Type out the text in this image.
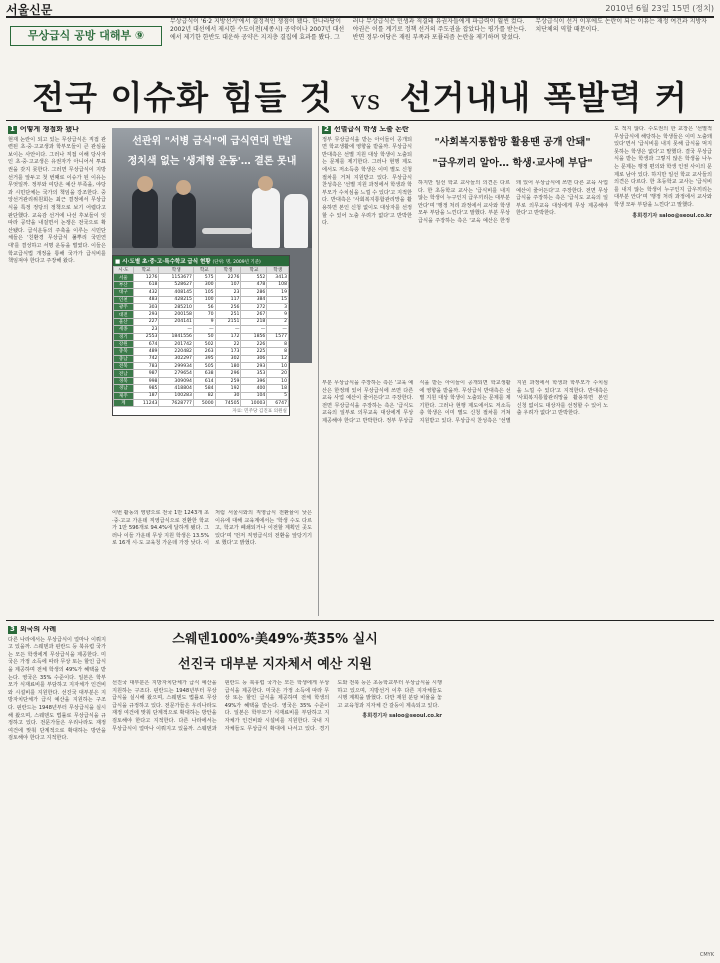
서울신문	2010년 6월 23일 15면 (정치)
무상급식 공방 대해부 ⑨
무상급식이 '6·2 지방선거'에서 결정적인 쟁점이 됐다. 한나라당이 2002년 대선에서 제시한 수도이전(세종시) 공약이나 2007년 대선에서 제기한 한반도 대운하 공약은 지지층 결집에 효과를 봤다. 그러나 무상급식은 민생과 직결돼 유권자들에게 파급력이 훨씬 컸다. 야권은 이를 계기로 정책 선거의 주도권을 잡았다는 평가를 받는다. 반면 정부·여당은 재원 부족과 포퓰리즘 논란을 제기하며 맞섰다. 무상급식이 선거 이후에도 논란이 되는 이유는 재정 여건과 지방자치단체의 역할 때문이다.
전국 이슈화 힘들 것 vs 선거내내 폭발력 커
1 어떻게 쟁점화 됐나
현재 논란이 되고 있는 무상급식은 직접 관련된 초·중·고교생과 학부모들이 큰 관심을 보이는 사안이다. 그러나 직접 이해 당사자인 초·중·고교생은 유권자가 아니어서 투표권을 갖지 못한다. 그러면 무상급식이 지방선거를 앞두고 첫 번째로 이슈가 된 이유는 무엇일까. 정부와 여당은 예산 부족을, 야당과 시민단체는 국가의 책임을 강조한다. 중앙선거관리위원회는 최근 결정에서 무상급식을 특정 정당의 정책으로 보기 어렵다고 판단했다. 교육감 선거에 나선 후보들이 잇따라 공약을 내걸면서 논쟁은 전국으로 확산됐다. 급식운동의 주축을 이루는 시민단체들은 '친환경 무상급식 풀뿌리 국민연대'를 결성하고 서명 운동을 벌였다. 이들은 학교급식법 개정을 통해 국가가 급식비를 책임져야 한다고 주장해 왔다.
선관위 "서병 금식"에 급식연대 반발
정치색 없는 '생계형 운동'… 결론 못내
■ 시·도별 초·중·고·특수학교 급식 현황 (단위: 명, 2009년 기준)
시·도	학교	학생	학교	학생	학교	학생
서울	1276	1153677	575	2276	552	3413
부산	618	528627	300	107	478	108
대구	432	408145	105	23	286	19
인천	483	428215	100	117	384	15
광주	303	285210	56	256	272	3
대전	293	200158	70	251	267	9
울산	227	204141	9	2151	218	2
세종	23	—	—	—	—	—
경기	2553	1841556	50	172	1856	1577
강원	674	201742	502	22	226	8
충북	489	220482	263	173	225	8
충남	742	302297	395	302	306	12
전북	783	299934	505	180	293	10
전남	987	279654	638	296	353	20
경북	998	309094	614	259	396	10
경남	985	418804	584	192	400	18
제주	187	100283	82	30	104	5
계	11243	7628777	5000	74505	10003	6747
자료: 민주당 김진표 의원실
이번 활동의 영향으로 전국 1만 1243개 초·중·고교 가운데 직영급식으로 전환한 학교가 1만 596개로 94.4%에 달하게 됐다. 그러나 이들 가운데 무상 지원 학생은 13.5%로 16개 시·도 교육청 가운데 가장 낮다. 이처럼 서울시와의 직영급식 전환율이 낮은 이유에 대해 교육계에서는 '학생 수도 다르고, 학교가 폐쇄되거나 이전할 계획인 곳도 있다'며 '먼저 직영급식의 전환을 앞당기기로 했다'고 밝혔다.
2 선별급식 학생 노출 논란
정부 무상급식을 받는 아이들이 공개되면 학교생활에 영향을 받을까. 무상급식 반대측은 선별 지원 대상 학생이 노출되는 문제를 제기한다. 그러나 현행 제도에서도 저소득층 학생은 이미 별도 신청 절차를 거쳐 지원받고 있다. 무상급식 찬성측은 '선별 지원 과정에서 학생과 학부모가 수치심을 느낄 수 있다'고 지적한다. 반대측은 '사회복지통합관리망을 활용하면 본인 신청 없이도 대상자를 선정할 수 있어 노출 우려가 없다'고 반박한다.
"사회복지통합망 활용땐 공개 안돼"
"급우끼리 알아… 학생·교사에 부담"
하지만 일선 학교 교사들의 의견은 다르다. 한 초등학교 교사는 '급식비를 내지 않는 학생이 누구인지 급우끼리는 대부분 안다'며 '행정 처리 과정에서 교사와 학생 모두 부담을 느낀다'고 말했다. 부분 무상급식을 주장하는 측은 '교육 예산은 한정돼 있어 무상급식에 쓰면 다른 교육 사업 예산이 줄어든다'고 주장한다. 전면 무상급식을 주장하는 측은 '급식도 교육의 일부로 의무교육 대상에게 무상 제공해야 한다'고 반박한다.
부분 무상급식을 주장하는 측은 '교육 예산은 한정돼 있어 무상급식에 쓰면 다른 교육 사업 예산이 줄어든다'고 주장한다. 전면 무상급식을 주장하는 측은 '급식도 교육의 일부로 의무교육 대상에게 무상 제공해야 한다'고 반박한다. 정부 무상급식을 받는 아이들이 공개되면 학교생활에 영향을 받을까. 무상급식 반대측은 선별 지원 대상 학생이 노출되는 문제를 제기한다. 그러나 현행 제도에서도 저소득층 학생은 이미 별도 신청 절차를 거쳐 지원받고 있다. 무상급식 찬성측은 '선별 지원 과정에서 학생과 학부모가 수치심을 느낄 수 있다'고 지적한다. 반대측은 '사회복지통합관리망을 활용하면 본인 신청 없이도 대상자를 선정할 수 있어 노출 우려가 없다'고 반박한다.
도 적지 않다. 수도권의 한 교장은 '선별적 무상급식에 해당하는 학생들은 이미 노출돼 있다'면서 '급식비를 내지 못해 급식을 먹지 못하는 학생은 없다'고 말했다. 결국 무상급식을 받는 학생과 그렇지 않은 학생을 나누는 문제는 행정 편의와 학생 인권 사이의 문제로 남아 있다. 하지만 일선 학교 교사들의 의견은 다르다. 한 초등학교 교사는 '급식비를 내지 않는 학생이 누구인지 급우끼리는 대부분 안다'며 '행정 처리 과정에서 교사와 학생 모두 부담을 느낀다'고 말했다.
홍희경기자 saloo@seoul.co.kr
3 외국의 사례
다른 나라에서는 무상급식이 얼마나 이뤄지고 있을까. 스웨덴과 핀란드 등 북유럽 국가는 모든 학생에게 무상급식을 제공한다. 미국은 가정 소득에 따라 무상 또는 할인 급식을 제공하며 전체 학생의 49%가 혜택을 받는다. 영국은 35% 수준이다. 일본은 학부모가 식재료비를 부담하고 지자체가 인건비와 시설비를 지원한다. 선진국 대부분은 지방자치단체가 급식 예산을 지원하는 구조다. 핀란드는 1948년부터 무상급식을 실시해 왔으며, 스웨덴도 법률로 무상급식을 규정하고 있다. 전문가들은 우리나라도 재정 여건에 맞춰 단계적으로 확대하는 방안을 검토해야 한다고 지적한다.
스웨덴100%·美49%·英35% 실시
선진국 대부분 지자체서 예산 지원
선진국 대부분은 지방자치단체가 급식 예산을 지원하는 구조다. 핀란드는 1948년부터 무상급식을 실시해 왔으며, 스웨덴도 법률로 무상급식을 규정하고 있다. 전문가들은 우리나라도 재정 여건에 맞춰 단계적으로 확대하는 방안을 검토해야 한다고 지적한다. 다른 나라에서는 무상급식이 얼마나 이뤄지고 있을까. 스웨덴과 핀란드 등 북유럽 국가는 모든 학생에게 무상급식을 제공한다. 미국은 가정 소득에 따라 무상 또는 할인 급식을 제공하며 전체 학생의 49%가 혜택을 받는다. 영국은 35% 수준이다. 일본은 학부모가 식재료비를 부담하고 지자체가 인건비와 시설비를 지원한다. 국내 지자체들도 무상급식 확대에 나서고 있다. 경기도와 전북 등은 초등학교부터 무상급식을 시행하고 있으며, 지방선거 이후 다른 지자체들도 시행 계획을 밝혔다. 다만 재원 분담 비율을 놓고 교육청과 지자체 간 갈등이 계속되고 있다.
홍희경기자 saloo@seoul.co.kr
CMYK
